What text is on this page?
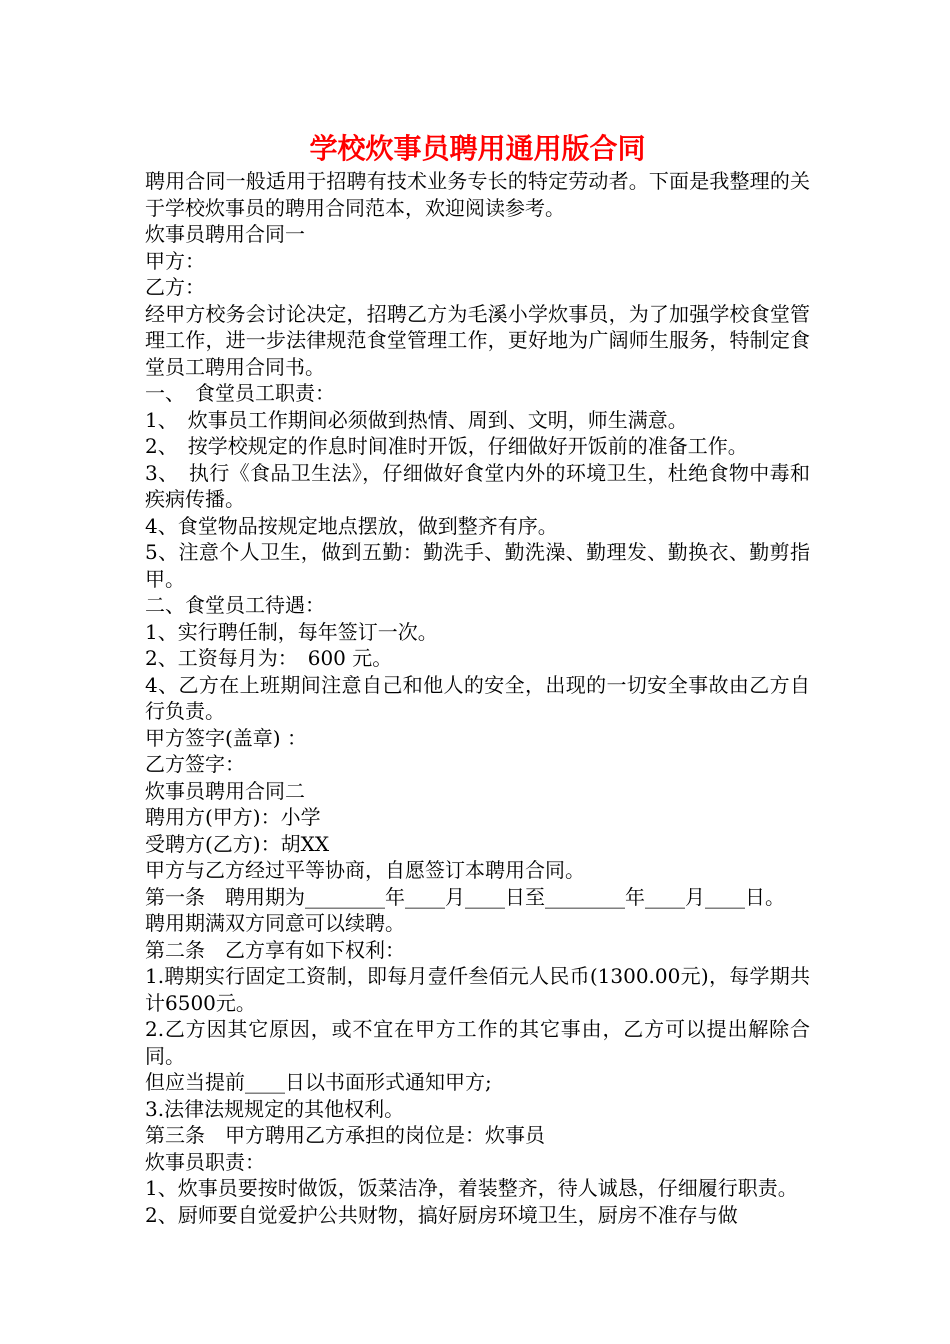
学校炊事员聘用通用版合同

聘用合同一般适用于招聘有技术业务专长的特定劳动者。下面是我整理的关于学校炊事员的聘用合同范本，欢迎阅读参考。

炊事员聘用合同一

甲方：

乙方：

经甲方校务会讨论决定，招聘乙方为毛溪小学炊事员，为了加强学校食堂管理工作，进一步法律规范食堂管理工作，更好地为广阔师生服务，特制定食堂员工聘用合同书。

一、　食堂员工职责：

1、　炊事员工作期间必须做到热情、周到、文明，师生满意。

2、　按学校规定的作息时间准时开饭，仔细做好开饭前的准备工作。

3、　执行《食品卫生法》，仔细做好食堂内外的环境卫生，杜绝食物中毒和疾病传播。

4、食堂物品按规定地点摆放，做到整齐有序。

5、注意个人卫生，做到五勤：勤洗手、勤洗澡、勤理发、勤换衣、勤剪指甲。

二、食堂员工待遇：

1、实行聘任制，每年签订一次。

2、工资每月为：　600 元。

4、乙方在上班期间注意自己和他人的安全，出现的一切安全事故由乙方自行负责。

甲方签字(盖章) ：

乙方签字：

炊事员聘用合同二

聘用方(甲方)：小学

受聘方(乙方)：胡XX

甲方与乙方经过平等协商，自愿签订本聘用合同。

第一条　聘用期为________年____月____日至________年____月____日。

聘用期满双方同意可以续聘。

第二条　乙方享有如下权利：

1.聘期实行固定工资制，即每月壹仟叁佰元人民币(1300.00元)，每学期共计6500元。

2.乙方因其它原因，或不宜在甲方工作的其它事由，乙方可以提出解除合同。

但应当提前____日以书面形式通知甲方;

3.法律法规规定的其他权利。

第三条　甲方聘用乙方承担的岗位是：炊事员

炊事员职责：

1、炊事员要按时做饭，饭菜洁净，着装整齐，待人诚恳，仔细履行职责。

2、厨师要自觉爱护公共财物，搞好厨房环境卫生，厨房不准存与做
